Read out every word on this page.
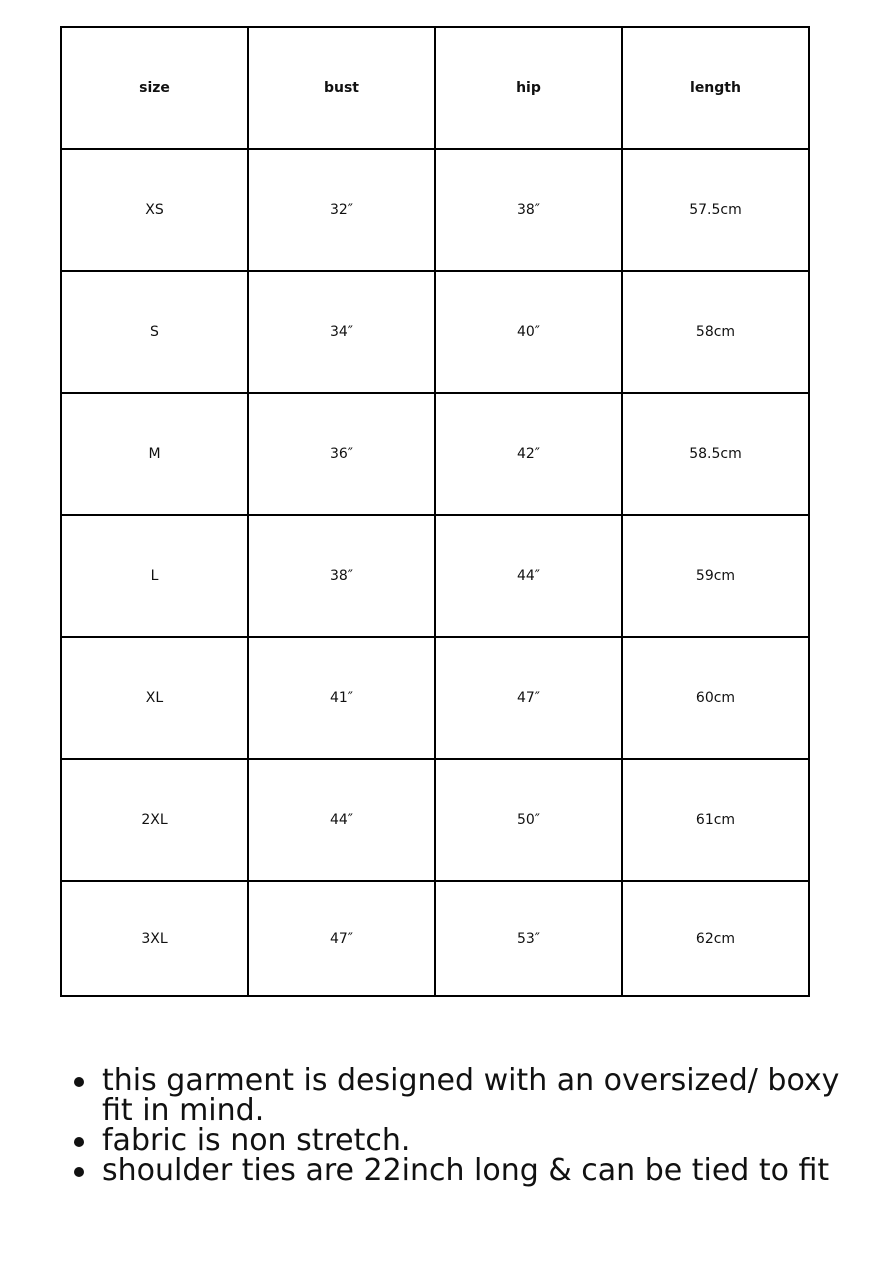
size	bust	hip	length
XS	32″	38″	57.5cm
S	34″	40″	58cm
M	36″	42″	58.5cm
L	38″	44″	59cm
XL	41″	47″	60cm
2XL	44″	50″	61cm
3XL	47″	53″	62cm
this garment is designed with an oversized/ boxy fit in mind.
fabric is non stretch.
shoulder ties are 22inch long & can be tied to fit
